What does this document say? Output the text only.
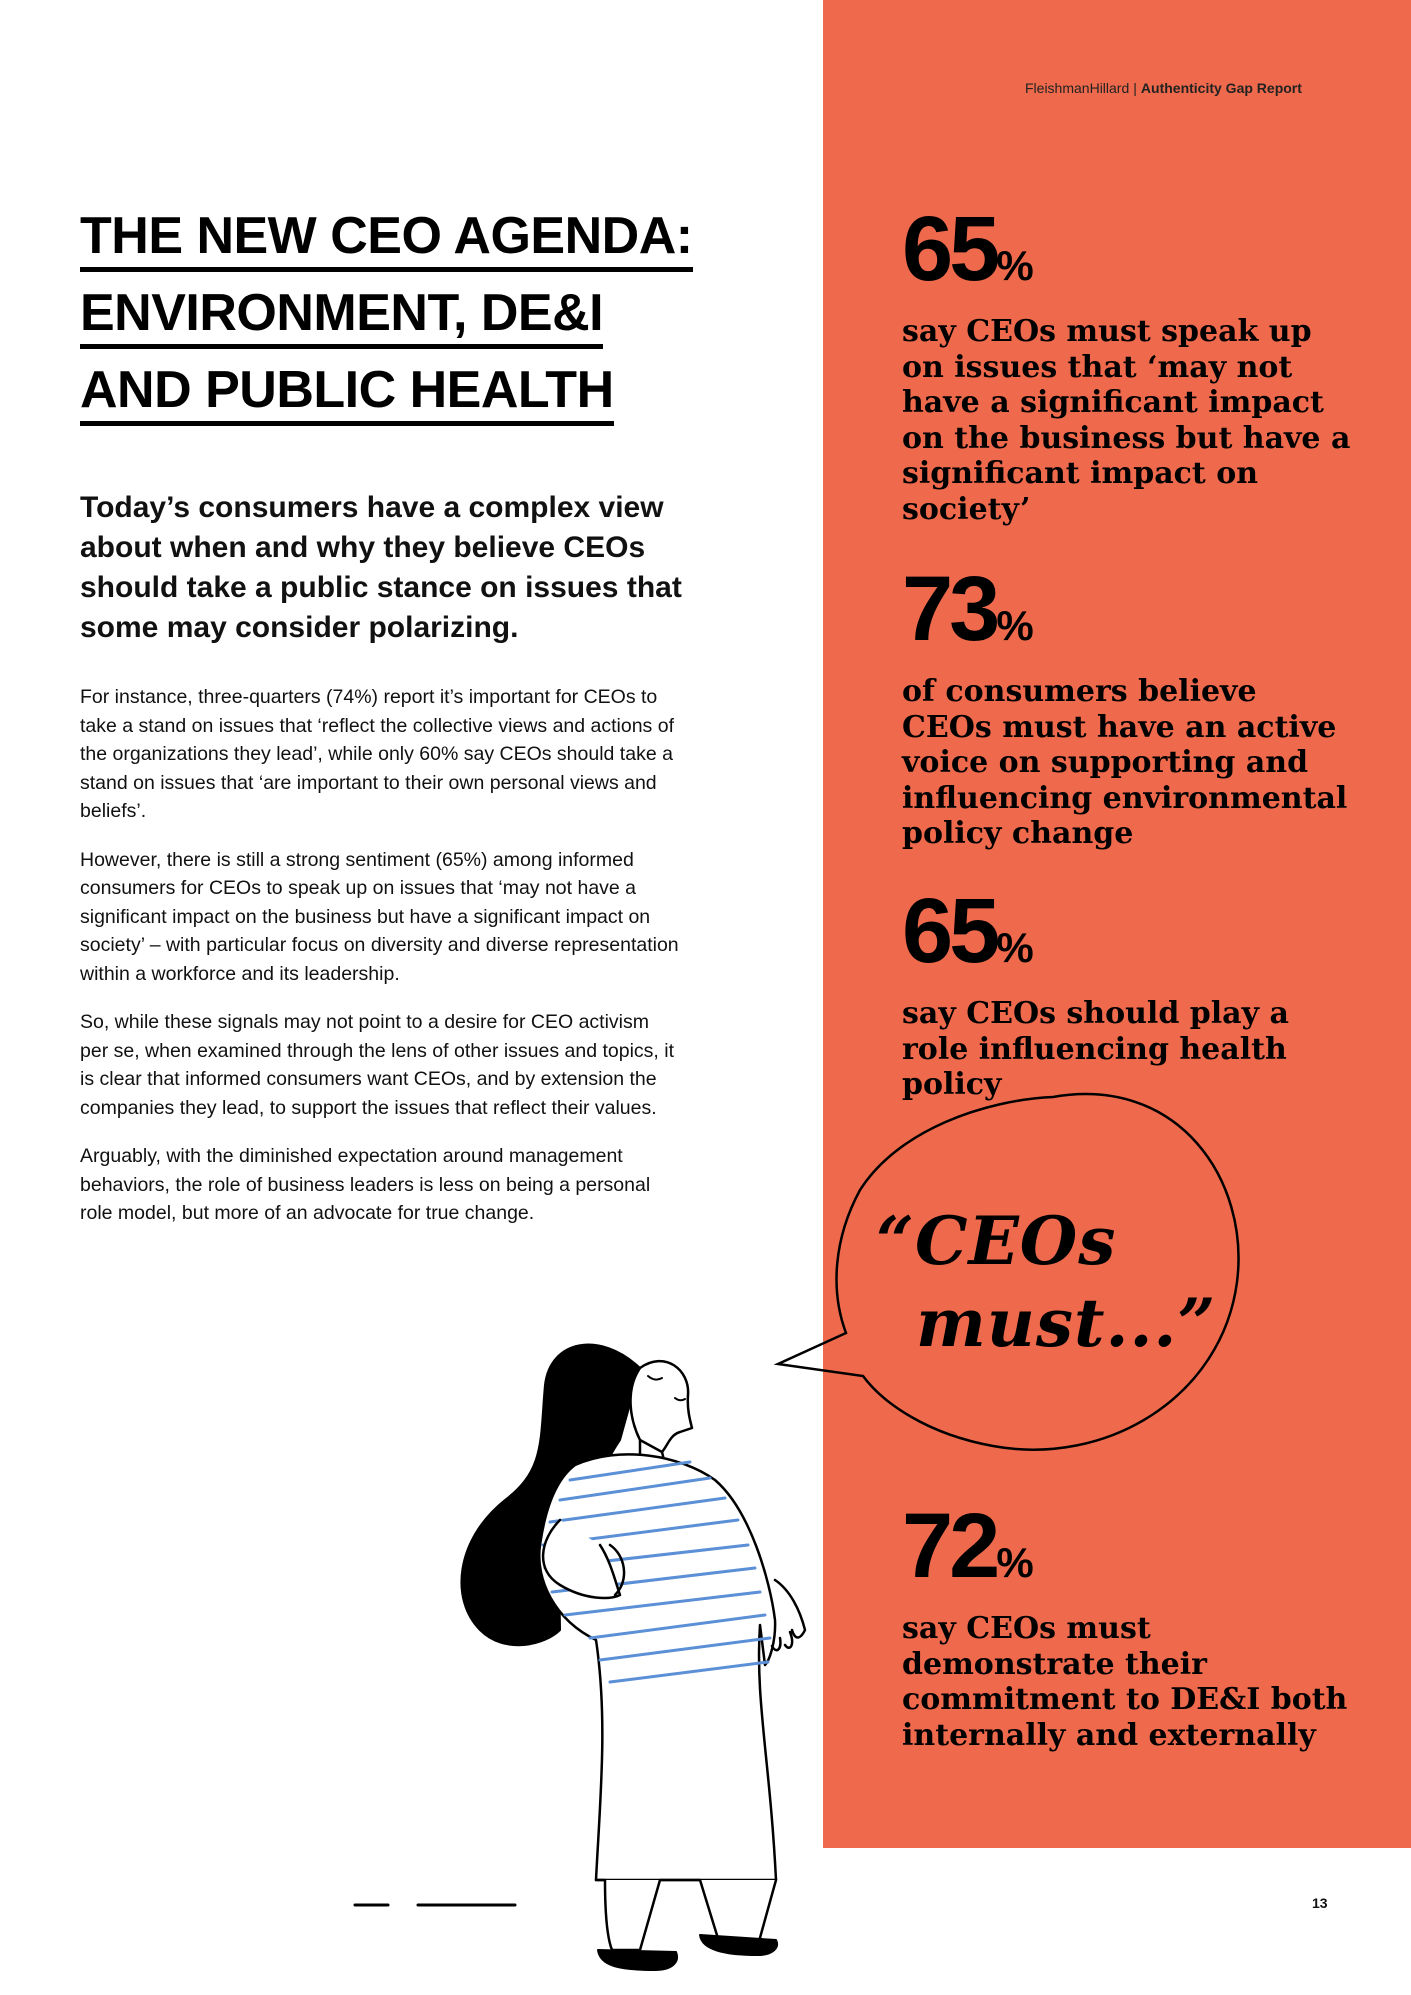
FleishmanHillard | Authenticity Gap Report
THE NEW CEO AGENDA:
ENVIRONMENT, DE&I
AND PUBLIC HEALTH
Today’s consumers have a complex view about when and why they believe CEOs should take a public stance on issues that some may consider polarizing.

For instance, three-quarters (74%) report it’s important for CEOs to take a stand on issues that ‘reflect the collective views and actions of the organizations they lead’, while only 60% say CEOs should take a stand on issues that ‘are important to their own personal views and beliefs’.

However, there is still a strong sentiment (65%) among informed consumers for CEOs to speak up on issues that ‘may not have a significant impact on the business but have a significant impact on society’ – with particular focus on diversity and diverse representation within a workforce and its leadership.

So, while these signals may not point to a desire for CEO activism per se, when examined through the lens of other issues and topics, it is clear that informed consumers want CEOs, and by extension the companies they lead, to support the issues that reflect their values.

Arguably, with the diminished expectation around management behaviors, the role of business leaders is less on being a personal role model, but more of an advocate for true change.

65%
say CEOs must speak up on issues that ‘may not have a significant impact on the business but have a significant impact on society’
73%
of consumers believe CEOs must have an active voice on supporting and influencing environmental policy change
65%
say CEOs should play a role influencing health policy
72%
say CEOs must demonstrate their commitment to DE&I both internally and externally
“CEOs
must...”
13
